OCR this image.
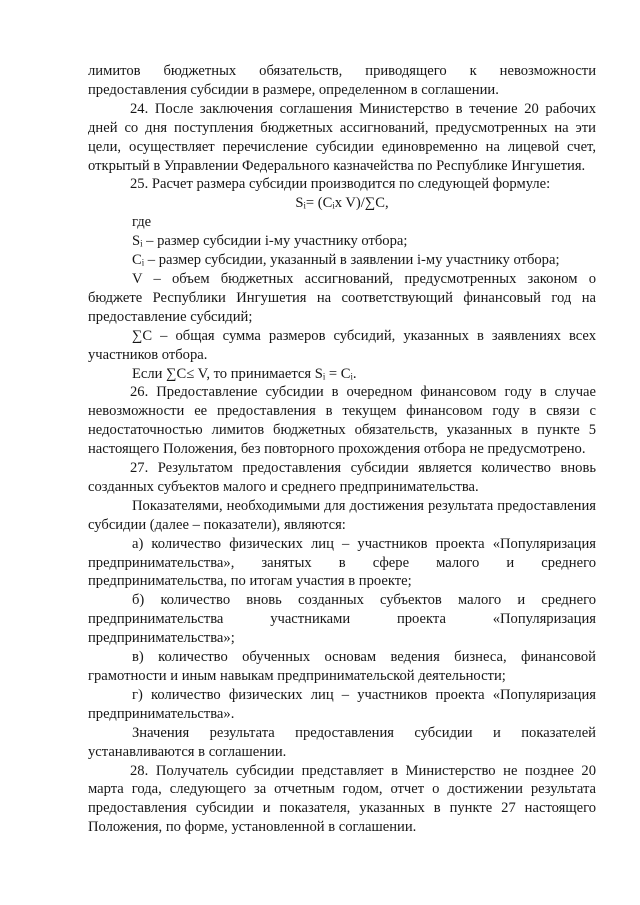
лимитов бюджетных обязательств, приводящего к невозможности

предоставления субсидии в размере, определенном в соглашении.

24. После заключения соглашения Министерство в течение 20 рабочих дней со дня поступления бюджетных ассигнований, предусмотренных на эти цели, осуществляет перечисление субсидии единовременно на лицевой счет, открытый в Управлении Федерального казначейства по Республике Ингушетия.

25. Расчет размера субсидии производится по следующей формуле:

Sᵢ= (Cᵢx V)/∑C,

где

Sᵢ – размер субсидии i-му участнику отбора;

Cᵢ – размер субсидии, указанный в заявлении i-му участнику отбора;

V – объем бюджетных ассигнований, предусмотренных законом о бюджете Республики Ингушетия на соответствующий финансовый год на предоставление субсидий;

∑C – общая сумма размеров субсидий, указанных в заявлениях всех участников отбора.

Если ∑C≤ V, то принимается Sᵢ = Cᵢ.

26. Предоставление субсидии в очередном финансовом году в случае невозможности ее предоставления в текущем финансовом году в связи с недостаточностью лимитов бюджетных обязательств, указанных в пункте 5 настоящего Положения, без повторного прохождения отбора не предусмотрено.

27. Результатом предоставления субсидии является количество вновь созданных субъектов малого и среднего предпринимательства.

Показателями, необходимыми для достижения результата предоставления субсидии (далее – показатели), являются:

а) количество физических лиц – участников проекта «Популяризация предпринимательства», занятых в сфере малого и среднего предпринимательства, по итогам участия в проекте;

б) количество вновь созданных субъектов малого и среднего предпринимательства участниками проекта «Популяризация предпринимательства»;

в) количество обученных основам ведения бизнеса, финансовой грамотности и иным навыкам предпринимательской деятельности;

г) количество физических лиц – участников проекта «Популяризация предпринимательства».

Значения результата предоставления субсидии и показателей устанавливаются в соглашении.

28. Получатель субсидии представляет в Министерство не позднее 20 марта года, следующего за отчетным годом, отчет о достижении результата предоставления субсидии и показателя, указанных в пункте 27 настоящего Положения, по форме, установленной в соглашении.
